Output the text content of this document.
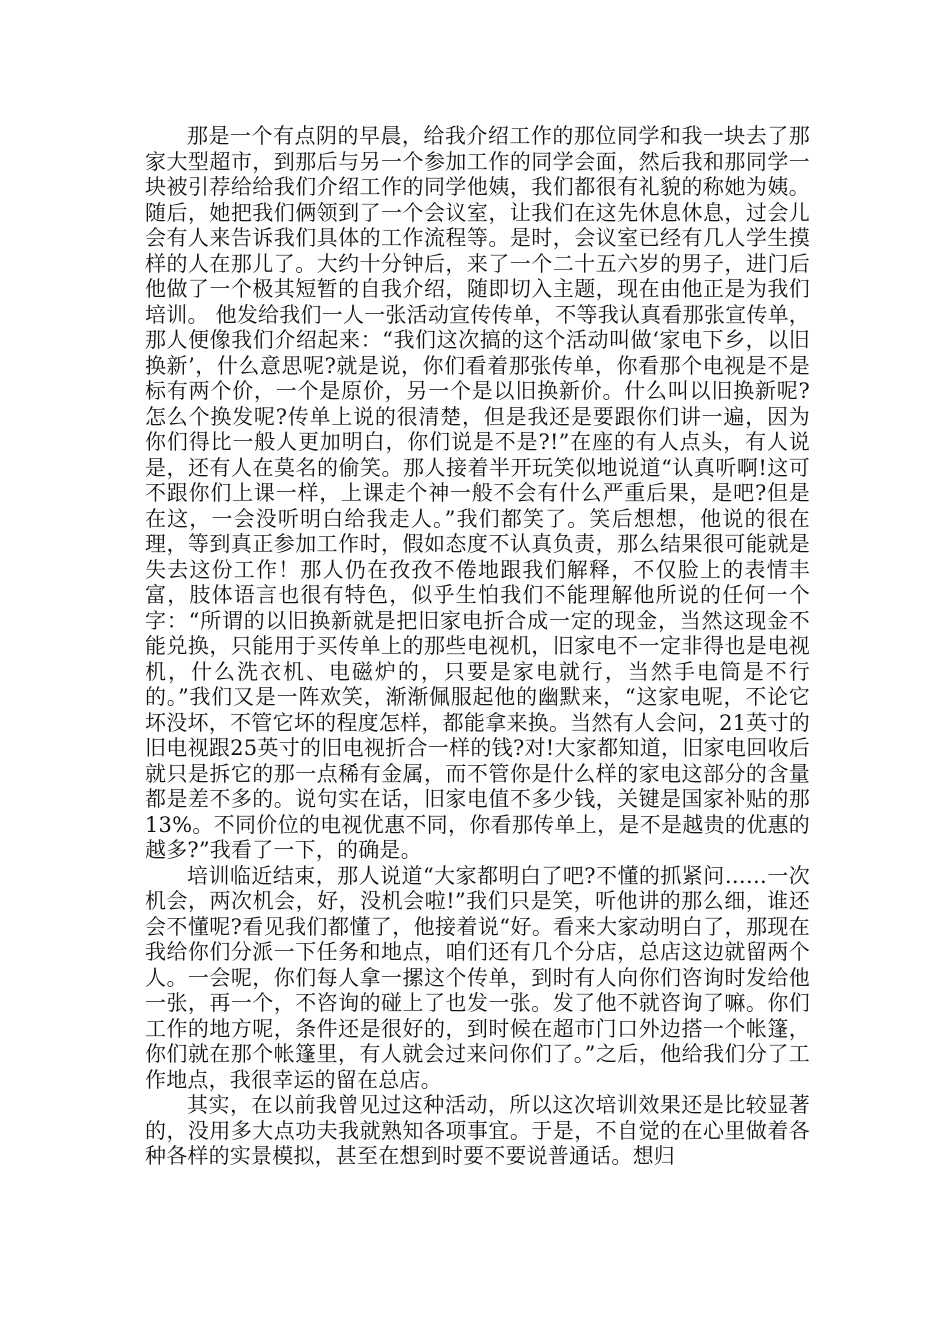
那是一个有点阴的早晨，给我介绍工作的那位同学和我一块去了那家大型超市，到那后与另一个参加工作的同学会面，然后我和那同学一块被引荐给给我们介绍工作的同学他姨，我们都很有礼貌的称她为姨。随后，她把我们俩领到了一个会议室，让我们在这先休息休息，过会儿会有人来告诉我们具体的工作流程等。是时，会议室已经有几人学生摸样的人在那儿了。大约十分钟后，来了一个二十五六岁的男子，进门后他做了一个极其短暂的自我介绍，随即切入主题，现在由他正是为我们培训。 他发给我们一人一张活动宣传传单，不等我认真看那张宣传单，那人便像我们介绍起来：“我们这次搞的这个活动叫做‘家电下乡，以旧换新’，什么意思呢?就是说，你们看着那张传单，你看那个电视是不是标有两个价，一个是原价，另一个是以旧换新价。什么叫以旧换新呢?怎么个换发呢?传单上说的很清楚，但是我还是要跟你们讲一遍，因为你们得比一般人更加明白，你们说是不是?!”在座的有人点头，有人说是，还有人在莫名的偷笑。那人接着半开玩笑似地说道“认真听啊!这可不跟你们上课一样，上课走个神一般不会有什么严重后果，是吧?但是在这，一会没听明白给我走人。”我们都笑了。笑后想想，他说的很在理，等到真正参加工作时，假如态度不认真负责，那么结果很可能就是失去这份工作！那人仍在孜孜不倦地跟我们解释，不仅脸上的表情丰富，肢体语言也很有特色，似乎生怕我们不能理解他所说的任何一个字：“所谓的以旧换新就是把旧家电折合成一定的现金，当然这现金不能兑换，只能用于买传单上的那些电视机，旧家电不一定非得也是电视机，什么洗衣机、电磁炉的，只要是家电就行，当然手电筒是不行的。”我们又是一阵欢笑，渐渐佩服起他的幽默来，“这家电呢，不论它坏没坏，不管它坏的程度怎样，都能拿来换。当然有人会问，21英寸的旧电视跟25英寸的旧电视折合一样的钱?对!大家都知道，旧家电回收后就只是拆它的那一点稀有金属，而不管你是什么样的家电这部分的含量都是差不多的。说句实在话，旧家电值不多少钱，关键是国家补贴的那13%。不同价位的电视优惠不同，你看那传单上，是不是越贵的优惠的越多?”我看了一下，的确是。

培训临近结束，那人说道“大家都明白了吧?不懂的抓紧问……一次机会，两次机会，好，没机会啦!”我们只是笑，听他讲的那么细，谁还会不懂呢?看见我们都懂了，他接着说“好。看来大家动明白了，那现在我给你们分派一下任务和地点，咱们还有几个分店，总店这边就留两个人。一会呢，你们每人拿一摞这个传单，到时有人向你们咨询时发给他一张，再一个，不咨询的碰上了也发一张。发了他不就咨询了嘛。你们工作的地方呢，条件还是很好的，到时候在超市门口外边搭一个帐篷，你们就在那个帐篷里，有人就会过来问你们了。”之后，他给我们分了工作地点，我很幸运的留在总店。

其实，在以前我曾见过这种活动，所以这次培训效果还是比较显著的，没用多大点功夫我就熟知各项事宜。于是，不自觉的在心里做着各种各样的实景模拟，甚至在想到时要不要说普通话。想归
